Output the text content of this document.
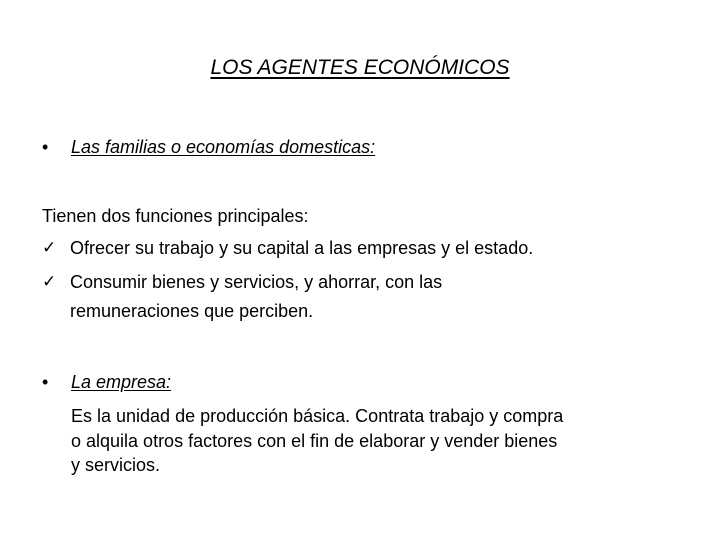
LOS AGENTES ECONÓMICOS
•	Las familias o economías domesticas:
Tienen dos funciones principales:
✓ Ofrecer su trabajo y su capital a las empresas y el estado.
✓ Consumir bienes y servicios, y ahorrar, con las
remuneraciones que perciben.
•	La empresa:
Es la unidad de producción básica. Contrata trabajo y compra
o alquila otros factores con el fin de elaborar y vender bienes
y servicios.
